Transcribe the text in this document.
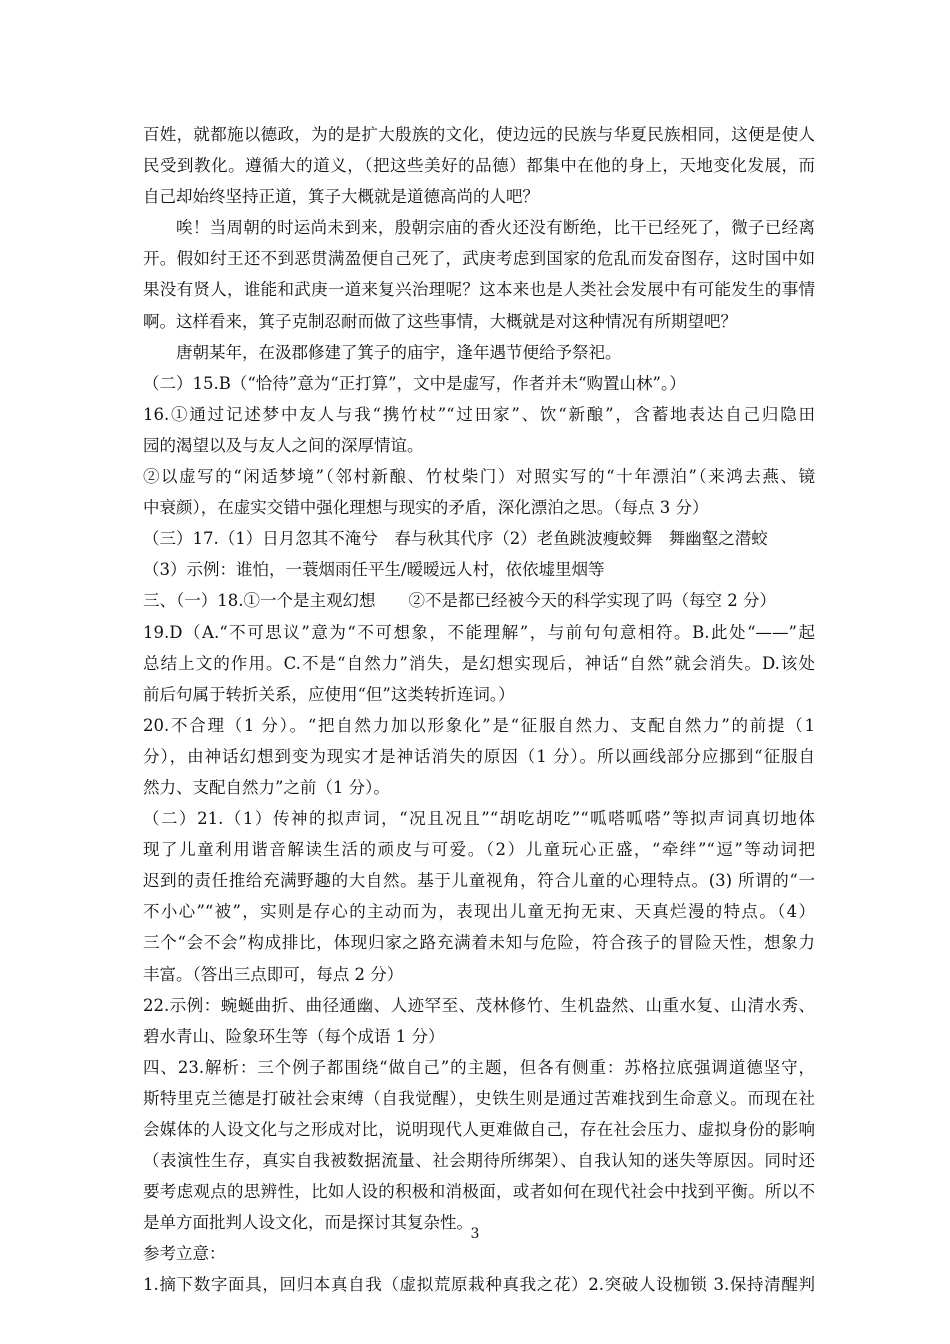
百姓，就都施以德政，为的是扩大殷族的文化，使边远的民族与华夏民族相同，这便是使人
民受到教化。遵循大的道义，（把这些美好的品德）都集中在他的身上，天地变化发展，而
自己却始终坚持正道，箕子大概就是道德高尚的人吧？
唉！当周朝的时运尚未到来，殷朝宗庙的香火还没有断绝，比干已经死了，微子已经离
开。假如纣王还不到恶贯满盈便自己死了，武庚考虑到国家的危乱而发奋图存，这时国中如
果没有贤人，谁能和武庚一道来复兴治理呢？这本来也是人类社会发展中有可能发生的事情
啊。这样看来，箕子克制忍耐而做了这些事情，大概就是对这种情况有所期望吧？
唐朝某年，在汲郡修建了箕子的庙宇，逢年遇节便给予祭祀。
（二）15.B（“恰待”意为“正打算”，文中是虚写，作者并未“购置山林”。）
16.①通过记述梦中友人与我“携竹杖”“过田家”、饮“新酿”，含蓄地表达自己归隐田
园的渴望以及与友人之间的深厚情谊。
②以虚写的“闲适梦境”（邻村新酿、竹杖柴门）对照实写的“十年漂泊”（来鸿去燕、镜
中衰颜），在虚实交错中强化理想与现实的矛盾，深化漂泊之思。（每点 3 分）
（三）17.（1）日月忽其不淹兮　春与秋其代序（2）老鱼跳波瘦蛟舞　舞幽壑之潜蛟
（3）示例：谁怕，一蓑烟雨任平生/暧暧远人村，依依墟里烟等
三、（一）18.①一个是主观幻想　　②不是都已经被今天的科学实现了吗（每空 2 分）
19.D（A.“不可思议”意为“不可想象，不能理解”，与前句句意相符。B.此处“——”起
总结上文的作用。C.不是“自然力”消失，是幻想实现后，神话“自然”就会消失。D.该处
前后句属于转折关系，应使用“但”这类转折连词。）
20.不合理（1 分）。“把自然力加以形象化”是“征服自然力、支配自然力”的前提（1
分），由神话幻想到变为现实才是神话消失的原因（1 分）。所以画线部分应挪到“征服自
然力、支配自然力”之前（1 分）。
（二）21.（1）传神的拟声词，“况且况且”“胡吃胡吃”“呱嗒呱嗒”等拟声词真切地体
现了儿童利用谐音解读生活的顽皮与可爱。（2）儿童玩心正盛，“牵绊”“逗”等动词把
迟到的责任推给充满野趣的大自然。基于儿童视角，符合儿童的心理特点。(3) 所谓的“一
不小心”“被”，实则是存心的主动而为，表现出儿童无拘无束、天真烂漫的特点。（4）
三个“会不会”构成排比，体现归家之路充满着未知与危险，符合孩子的冒险天性，想象力
丰富。（答出三点即可，每点 2 分）
22.示例：蜿蜒曲折、曲径通幽、人迹罕至、茂林修竹、生机盎然、山重水复、山清水秀、
碧水青山、险象环生等（每个成语 1 分）
四、23.解析：三个例子都围绕“做自己”的主题，但各有侧重：苏格拉底强调道德坚守，
斯特里克兰德是打破社会束缚（自我觉醒），史铁生则是通过苦难找到生命意义。而现在社
会媒体的人设文化与之形成对比，说明现代人更难做自己，存在社会压力、虚拟身份的影响
（表演性生存，真实自我被数据流量、社会期待所绑架）、自我认知的迷失等原因。同时还
要考虑观点的思辨性，比如人设的积极和消极面，或者如何在现代社会中找到平衡。所以不
是单方面批判人设文化，而是探讨其复杂性。
参考立意：
1.摘下数字面具，回归本真自我（虚拟荒原栽种真我之花）2.突破人设枷锁 3.保持清醒判
3
